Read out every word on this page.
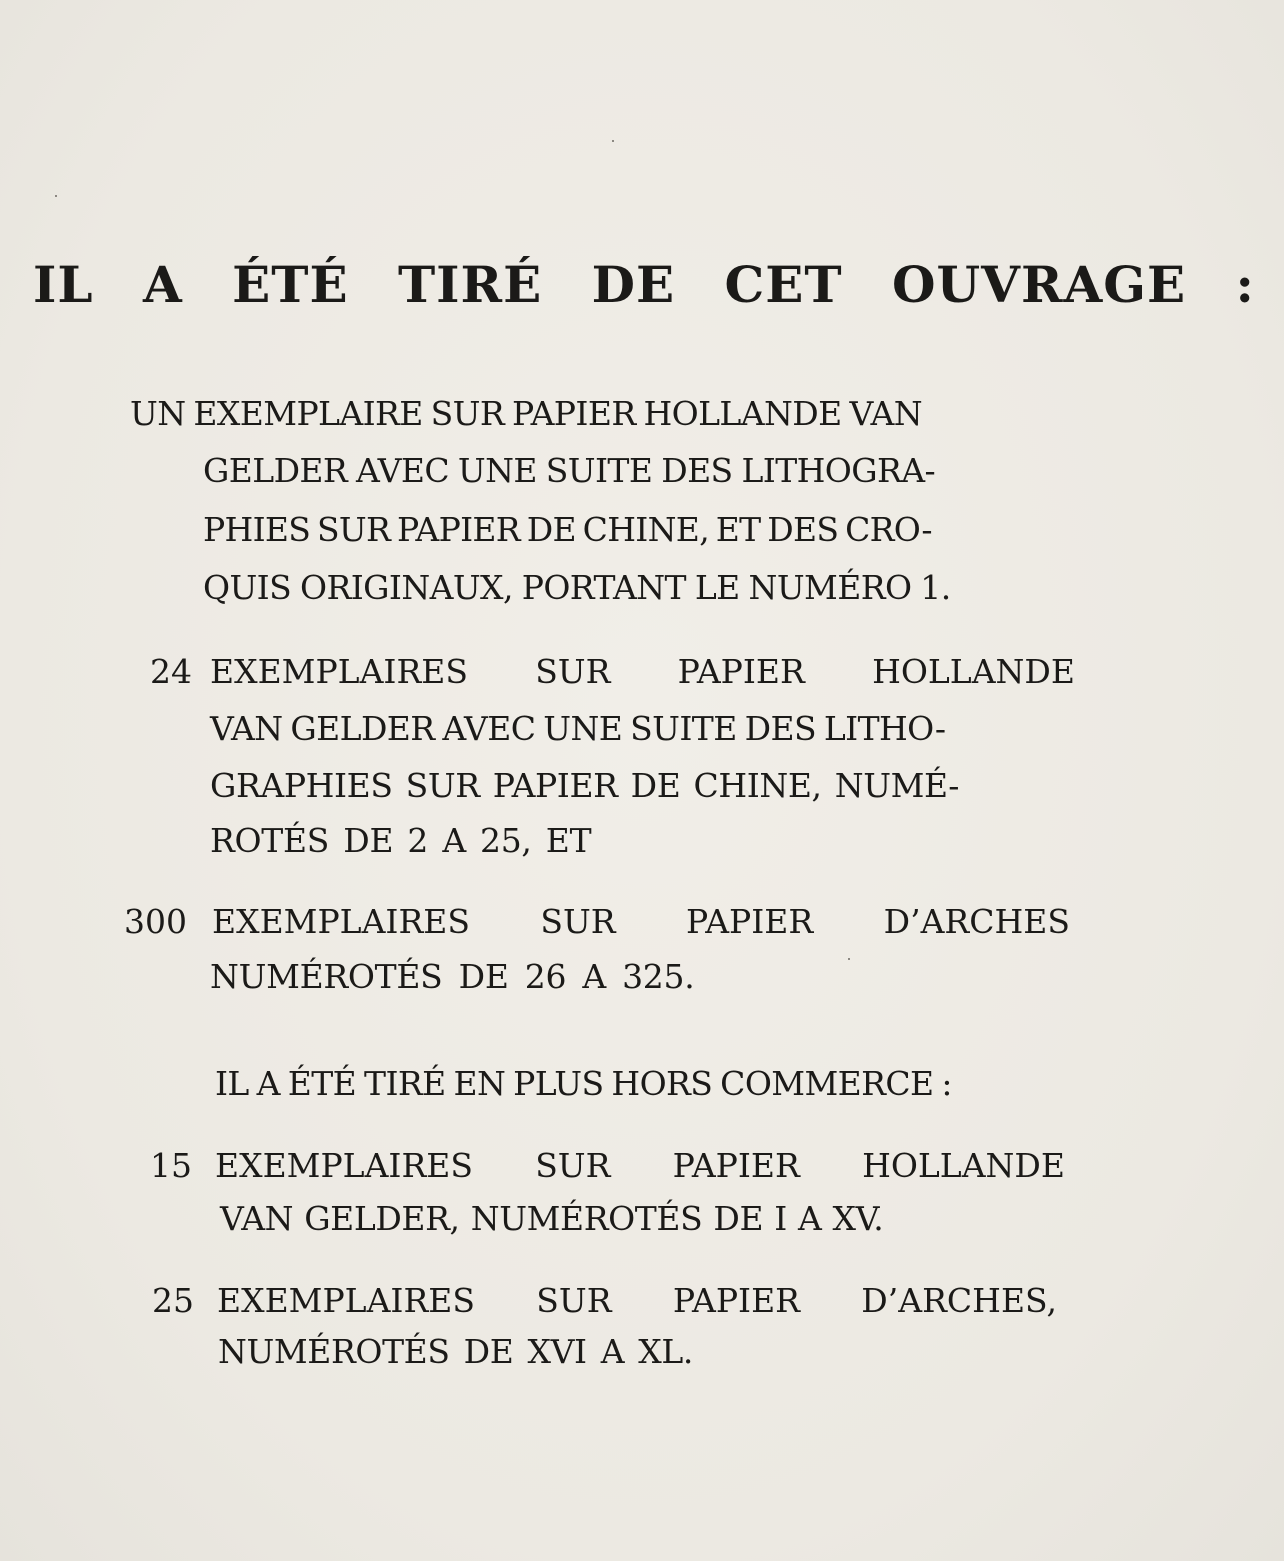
IL A ÉTÉ TIRÉ DE CET OUVRAGE :
UN EXEMPLAIRE SUR PAPIER HOLLANDE VAN
GELDER AVEC UNE SUITE DES LITHOGRA-
PHIES SUR PAPIER DE CHINE, ET DES CRO-
QUIS ORIGINAUX, PORTANT LE NUMÉRO 1.
24 EXEMPLAIRES SUR PAPIER HOLLANDE
VAN GELDER AVEC UNE SUITE DES LITHO-
GRAPHIES SUR PAPIER DE CHINE, NUMÉ-
ROTÉS DE 2 A 25, ET
300 EXEMPLAIRES SUR PAPIER D’ARCHES
NUMÉROTÉS DE 26 A 325.
IL A ÉTÉ TIRÉ EN PLUS HORS COMMERCE :
15 EXEMPLAIRES SUR PAPIER HOLLANDE
VAN GELDER, NUMÉROTÉS DE I A XV.
25 EXEMPLAIRES SUR PAPIER D’ARCHES,
NUMÉROTÉS DE XVI A XL.
